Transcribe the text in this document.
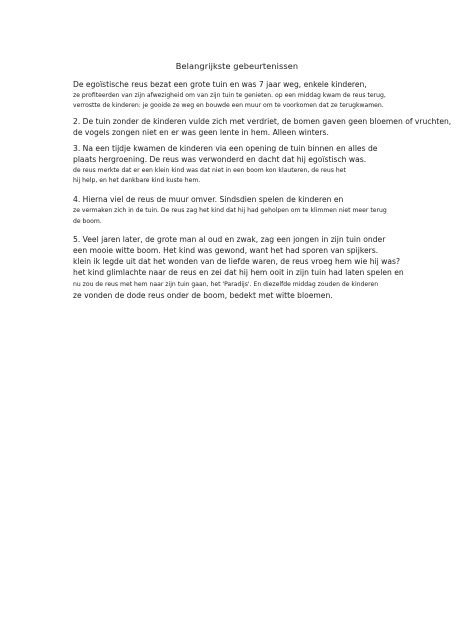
Belangrijkste gebeurtenissen
De egoïstische reus bezat een grote tuin en was 7 jaar weg, enkele kinderen,
ze profiteerden van zijn afwezigheid om van zijn tuin te genieten. op een middag kwam de reus terug,
verrostte de kinderen: je gooide ze weg en bouwde een muur om te voorkomen dat ze terugkwamen.
2. De tuin zonder de kinderen vulde zich met verdriet, de bomen gaven geen bloemen of vruchten,
de vogels zongen niet en er was geen lente in hem. Alleen winters.
3. Na een tijdje kwamen de kinderen via een opening de tuin binnen en alles de
plaats hergroening. De reus was verwonderd en dacht dat hij egoïstisch was.
de reus merkte dat er een klein kind was dat niet in een boom kon klauteren, de reus het
hij help, en het dankbare kind kuste hem.
4. Hierna viel de reus de muur omver. Sindsdien spelen de kinderen en
ze vermaken zich in de tuin. De reus zag het kind dat hij had geholpen om te klimmen niet meer terug
de boom.
5. Veel jaren later, de grote man al oud en zwak, zag een jongen in zijn tuin onder
een mooie witte boom. Het kind was gewond, want het had sporen van spijkers.
klein ik legde uit dat het wonden van de liefde waren, de reus vroeg hem wie hij was?
het kind glimlachte naar de reus en zei dat hij hem ooit in zijn tuin had laten spelen en
nu zou de reus met hem naar zijn tuin gaan, het 'Paradijs'. En diezelfde middag zouden de kinderen
ze vonden de dode reus onder de boom, bedekt met witte bloemen.
